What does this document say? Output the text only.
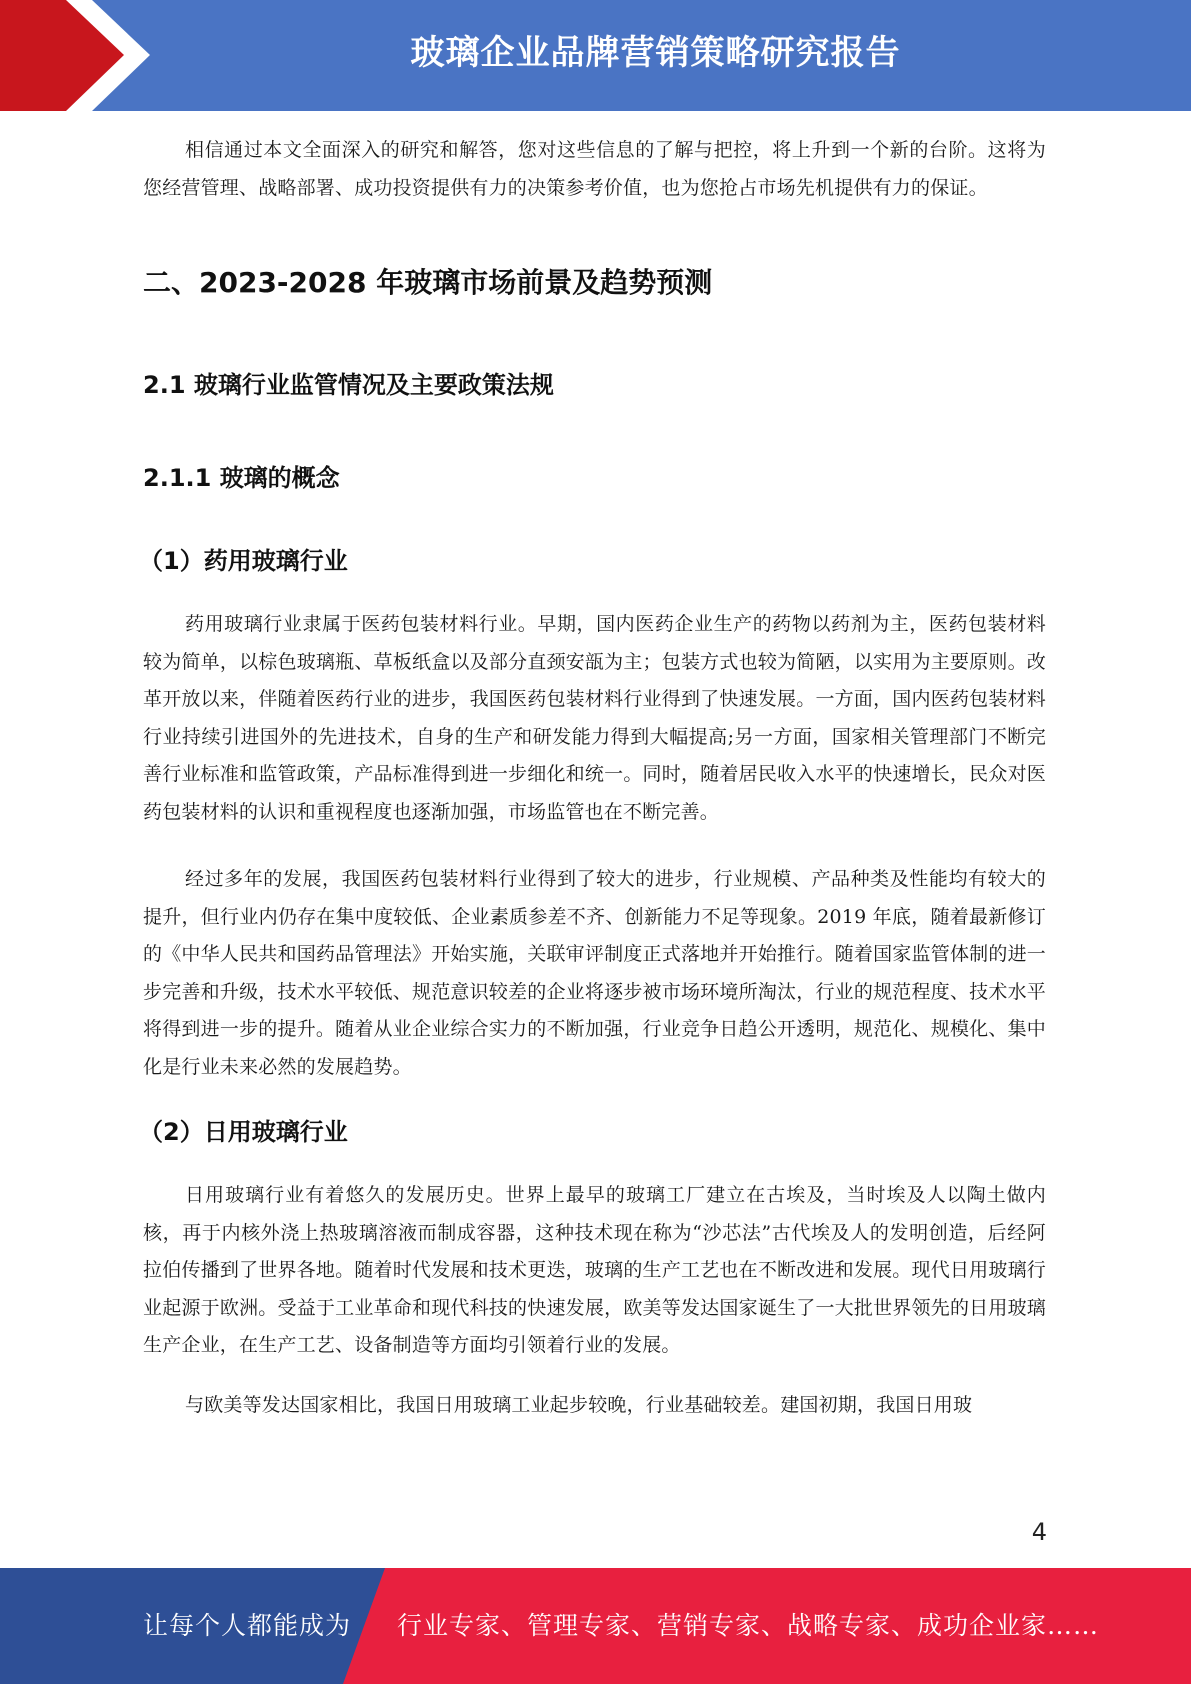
玻璃企业品牌营销策略研究报告

相信通过本文全面深入的研究和解答，您对这些信息的了解与把控，将上升到一个新的台阶。这将为您经营管理、战略部署、成功投资提供有力的决策参考价值，也为您抢占市场先机提供有力的保证。

二、2023-2028 年玻璃市场前景及趋势预测
2.1 玻璃行业监管情况及主要政策法规
2.1.1 玻璃的概念
（1）药用玻璃行业

药用玻璃行业隶属于医药包装材料行业。早期，国内医药企业生产的药物以药剂为主，医药包装材料较为简单，以棕色玻璃瓶、草板纸盒以及部分直颈安瓿为主；包装方式也较为简陋，以实用为主要原则。改革开放以来，伴随着医药行业的进步，我国医药包装材料行业得到了快速发展。一方面，国内医药包装材料行业持续引进国外的先进技术，自身的生产和研发能力得到大幅提高;另一方面，国家相关管理部门不断完善行业标准和监管政策，产品标准得到进一步细化和统一。同时，随着居民收入水平的快速增长，民众对医药包装材料的认识和重视程度也逐渐加强，市场监管也在不断完善。

经过多年的发展，我国医药包装材料行业得到了较大的进步，行业规模、产品种类及性能均有较大的提升，但行业内仍存在集中度较低、企业素质参差不齐、创新能力不足等现象。2019 年底，随着最新修订的《中华人民共和国药品管理法》开始实施，关联审评制度正式落地并开始推行。随着国家监管体制的进一步完善和升级，技术水平较低、规范意识较差的企业将逐步被市场环境所淘汰，行业的规范程度、技术水平将得到进一步的提升。随着从业企业综合实力的不断加强，行业竞争日趋公开透明，规范化、规模化、集中化是行业未来必然的发展趋势。

（2）日用玻璃行业

日用玻璃行业有着悠久的发展历史。世界上最早的玻璃工厂建立在古埃及，当时埃及人以陶土做内核，再于内核外浇上热玻璃溶液而制成容器，这种技术现在称为“沙芯法”古代埃及人的发明创造，后经阿拉伯传播到了世界各地。随着时代发展和技术更迭，玻璃的生产工艺也在不断改进和发展。现代日用玻璃行业起源于欧洲。受益于工业革命和现代科技的快速发展，欧美等发达国家诞生了一大批世界领先的日用玻璃生产企业，在生产工艺、设备制造等方面均引领着行业的发展。

与欧美等发达国家相比，我国日用玻璃工业起步较晚，行业基础较差。建国初期，我国日用玻

4
让每个人都能成为 行业专家、管理专家、营销专家、战略专家、成功企业家……
